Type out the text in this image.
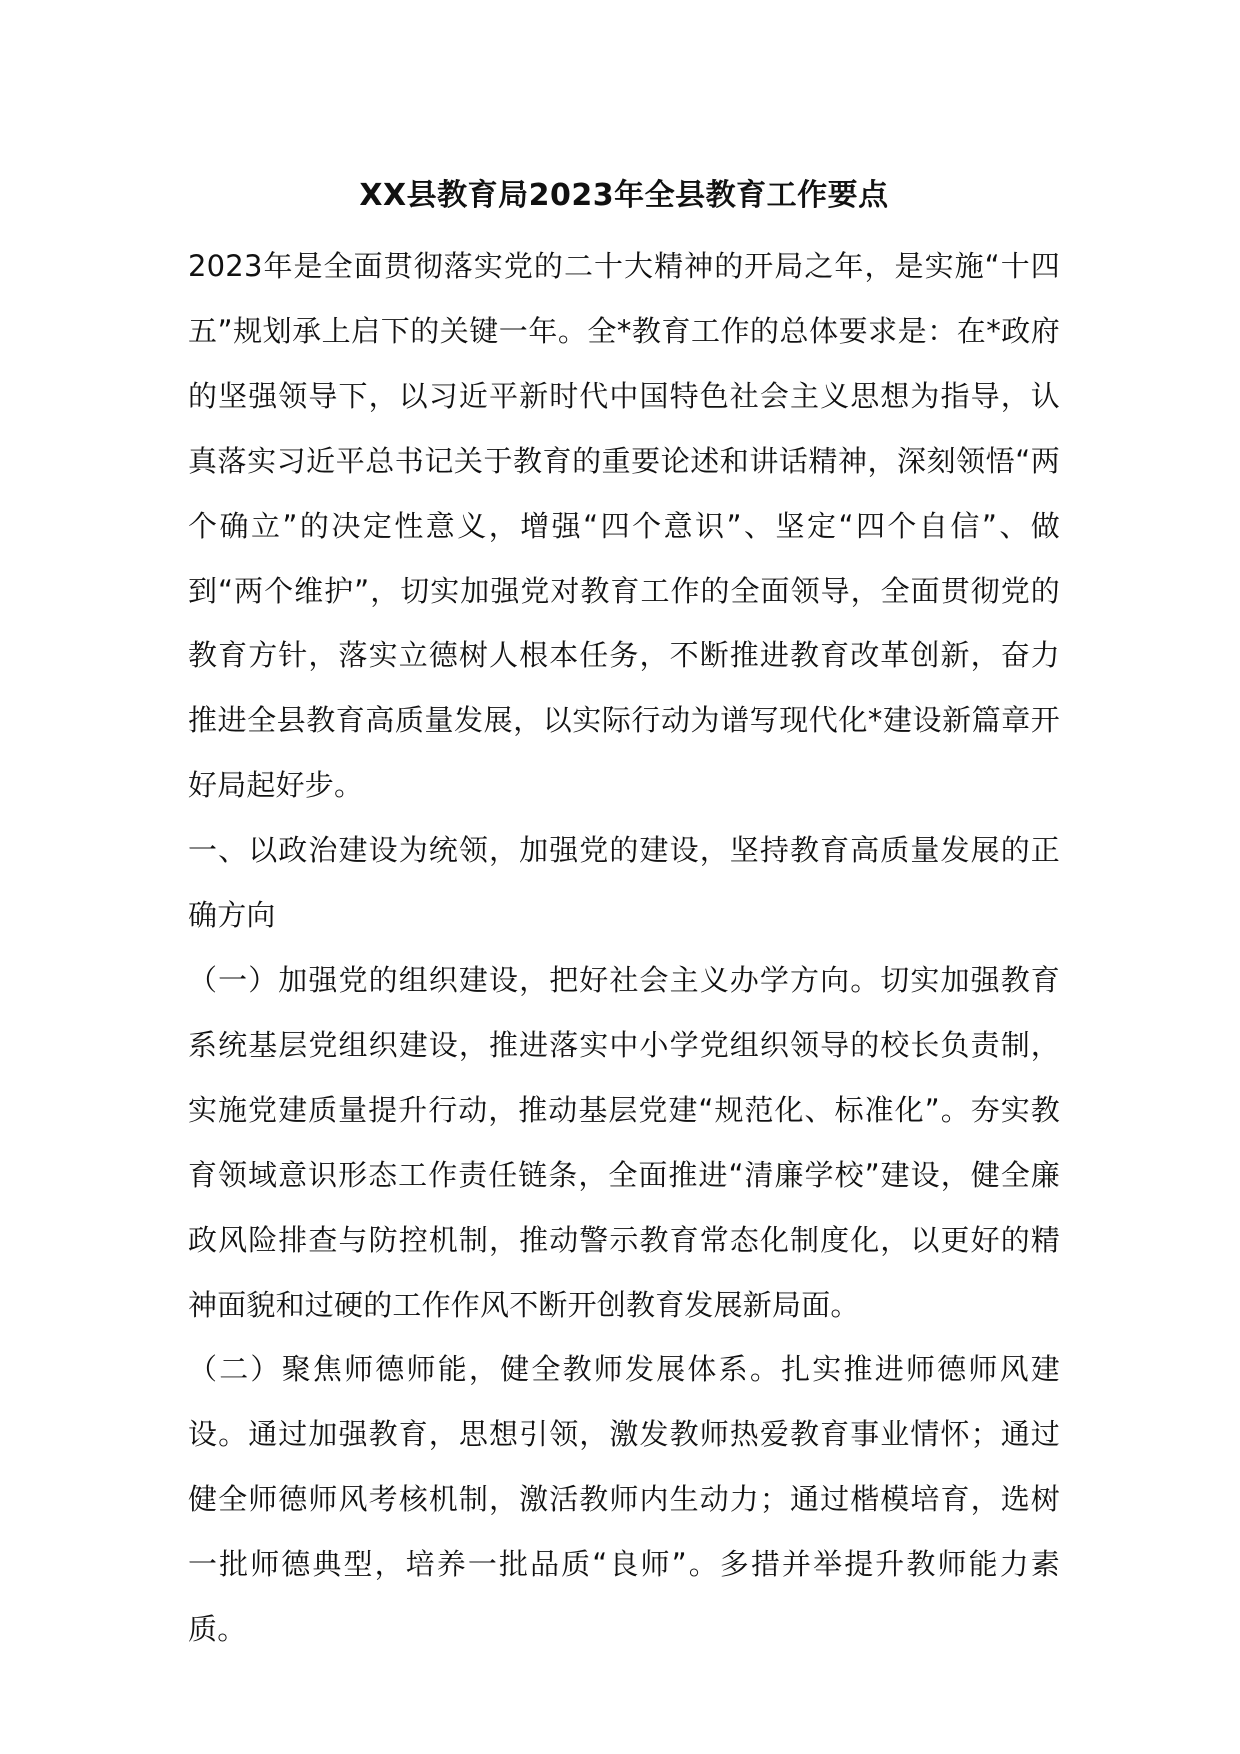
XX县教育局2023年全县教育工作要点

2023年是全面贯彻落实党的二十大精神的开局之年，是实施“十四五”规划承上启下的关键一年。全*教育工作的总体要求是：在*政府的坚强领导下，以习近平新时代中国特色社会主义思想为指导，认真落实习近平总书记关于教育的重要论述和讲话精神，深刻领悟“两个确立”的决定性意义，增强“四个意识”、坚定“四个自信”、做到“两个维护”，切实加强党对教育工作的全面领导，全面贯彻党的教育方针，落实立德树人根本任务，不断推进教育改革创新，奋力推进全县教育高质量发展，以实际行动为谱写现代化*建设新篇章开好局起好步。

一、以政治建设为统领，加强党的建设，坚持教育高质量发展的正确方向

（一）加强党的组织建设，把好社会主义办学方向。切实加强教育系统基层党组织建设，推进落实中小学党组织领导的校长负责制，实施党建质量提升行动，推动基层党建“规范化、标准化”。夯实教育领域意识形态工作责任链条，全面推进“清廉学校”建设，健全廉政风险排查与防控机制，推动警示教育常态化制度化，以更好的精神面貌和过硬的工作作风不断开创教育发展新局面。

（二）聚焦师德师能，健全教师发展体系。扎实推进师德师风建设。通过加强教育，思想引领，激发教师热爱教育事业情怀；通过健全师德师风考核机制，激活教师内生动力；通过楷模培育，选树一批师德典型，培养一批品质“良师”。多措并举提升教师能力素质。
